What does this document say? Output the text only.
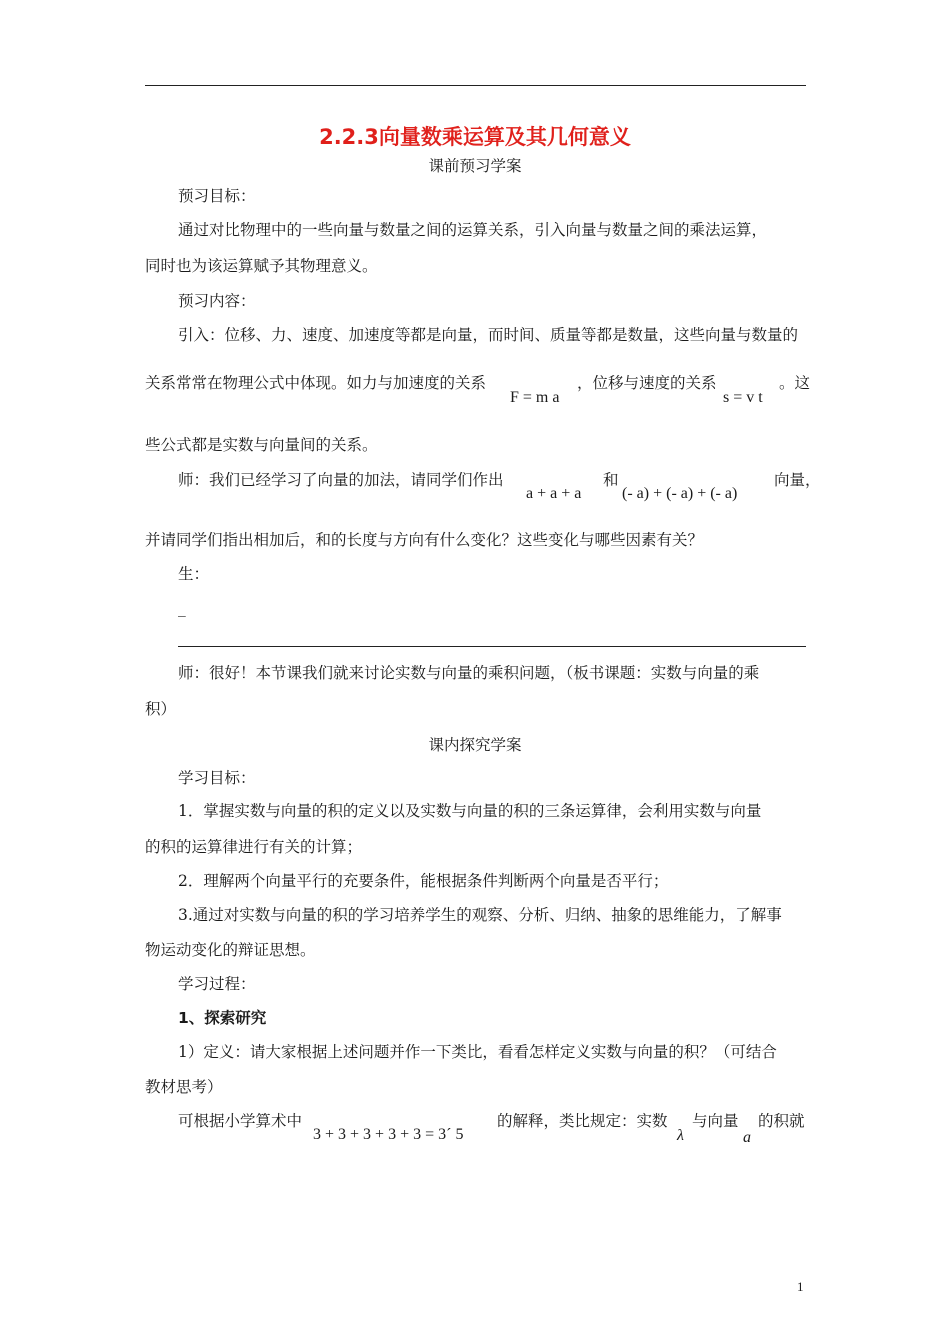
2.2.3向量数乘运算及其几何意义
课前预习学案
预习目标：
通过对比物理中的一些向量与数量之间的运算关系，引入向量与数量之间的乘法运算，
同时也为该运算赋予其物理意义。
预习内容：
引入：位移、力、速度、加速度等都是向量，而时间、质量等都是数量，这些向量与数量的
关系常常在物理公式中体现。如力与加速度的关系
F = m a
，位移与速度的关系
s = v t
。这
些公式都是实数与向量间的关系。
师：我们已经学习了向量的加法，请同学们作出
a + a + a
和
(- a) + (- a) + (- a)
向量，
并请同学们指出相加后，和的长度与方向有什么变化？这些变化与哪些因素有关？
生：
_
师：很好！本节课我们就来讨论实数与向量的乘积问题，（板书课题：实数与向量的乘
积）
课内探究学案
学习目标：
1．掌握实数与向量的积的定义以及实数与向量的积的三条运算律，会利用实数与向量
的积的运算律进行有关的计算；
2．理解两个向量平行的充要条件，能根据条件判断两个向量是否平行；
3.通过对实数与向量的积的学习培养学生的观察、分析、归纳、抽象的思维能力，了解事
物运动变化的辩证思想。
学习过程：
1、探索研究
1）定义：请大家根据上述问题并作一下类比，看看怎样定义实数与向量的积？（可结合
教材思考）
可根据小学算术中
3 + 3 + 3 + 3 + 3 = 3´ 5
的解释，类比规定：实数
λ
与向量
a
的积就
1
